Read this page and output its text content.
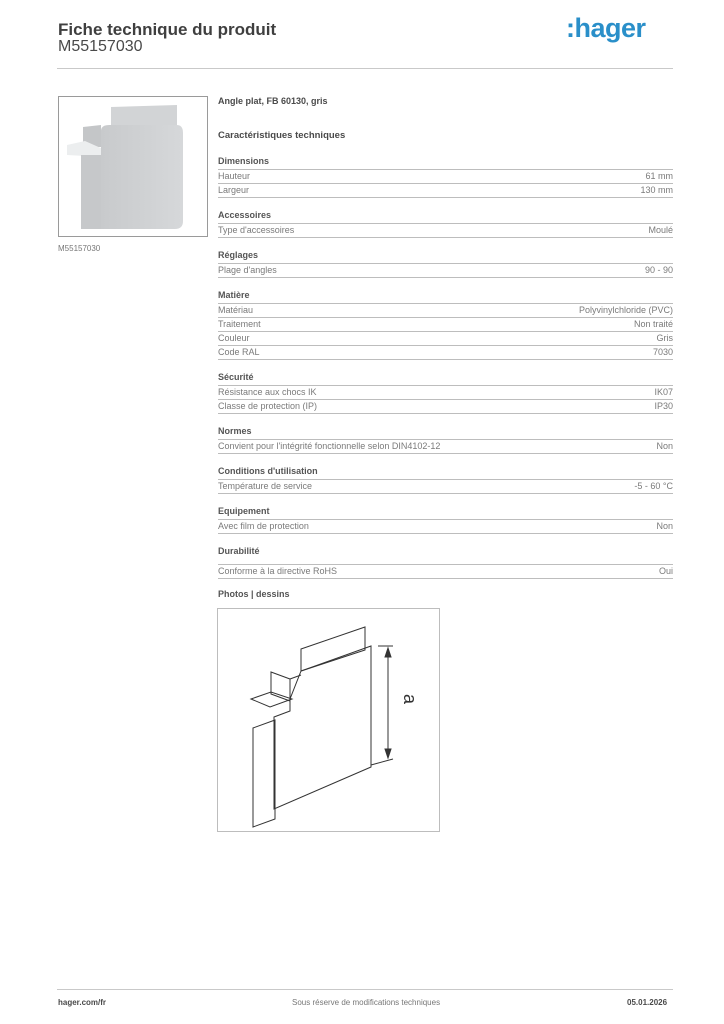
Fiche technique du produit
M55157030
:hager
M55157030
Angle plat, FB 60130, gris
Caractéristiques techniques
Dimensions
Hauteur	61 mm
Largeur	130 mm
Accessoires
Type d'accessoires	Moulé
Réglages
Plage d'angles	90 - 90
Matière
Matériau	Polyvinylchloride (PVC)
Traitement	Non traité
Couleur	Gris
Code RAL	7030
Sécurité
Résistance aux chocs IK	IK07
Classe de protection (IP)	IP30
Normes
Convient pour l'intégrité fonctionnelle selon DIN4102-12	Non
Conditions d'utilisation
Température de service	-5 - 60 °C
Equipement
Avec film de protection	Non
Durabilité
Conforme à la directive RoHS	Oui
Photos | dessins
a
hager.com/fr	Sous réserve de modifications techniques	05.01.2026
